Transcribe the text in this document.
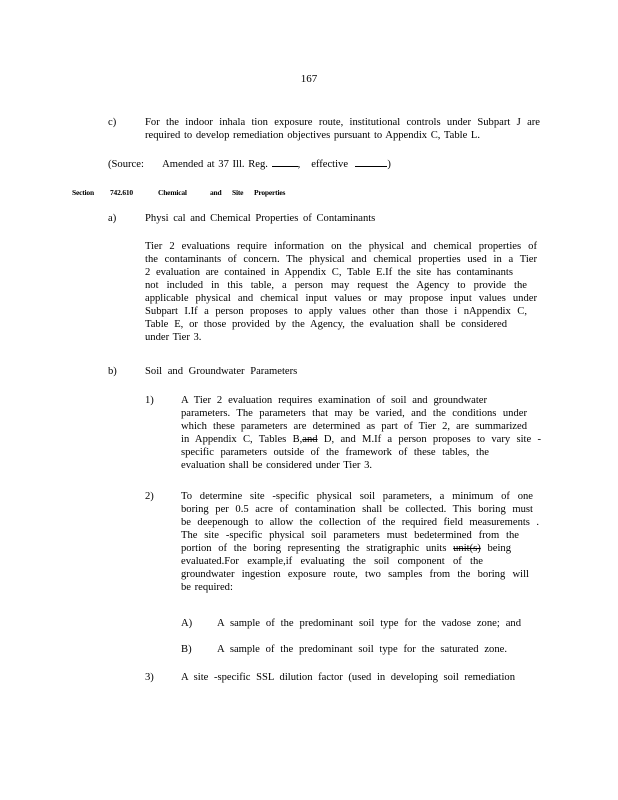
167
c)	For the indoor inhala tion exposure route, institutional controls under Subpart J are
required to develop remediation objectives pursuant to Appendix C, Table L.
(Source: Amended at 37 Ill. Reg.	, effective	)
Section 742.610	Chemical	and Site Properties
a)	Physi cal and Chemical Properties of Contaminants
Tier 2 evaluations require information on the physical and chemical properties of
the contaminants of concern. The physical and chemical properties used in a Tier
2 evaluation are contained in Appendix C, Table E.If the site has contaminants
not included in this table, a person may request the Agency to provide the
applicable physical and chemical input values or may propose input values under
Subpart I.If a person proposes to apply values other than those i nAppendix C,
Table E, or those provided by the Agency, the evaluation shall be considered
under Tier 3.
b)	Soil and Groundwater Parameters
1)	A Tier 2 evaluation requires examination of soil and groundwater
parameters. The parameters that may be varied, and the conditions under
which these parameters are determined as part of Tier 2, are summarized
in Appendix C, Tables B,and D, and M.If a person proposes to vary site -
specific parameters outside of the framework of these tables, the
evaluation shall be considered under Tier 3.
2)	To determine site -specific physical soil parameters, a minimum of one
boring per 0.5 acre of contamination shall be collected. This boring must
be deepenough to allow the collection of the required field measurements .
The site -specific physical soil parameters must bedetermined from the
portion of the boring representing the stratigraphic units unit(s) being
evaluated.For example,if evaluating the soil component of the
groundwater ingestion exposure route, two samples from the boring will
be required:
A) A sample of the predominant soil type for the vadose zone; and
B) A sample of the predominant soil type for the saturated zone.
3)	A site -specific SSL dilution factor (used in developing soil remediation
